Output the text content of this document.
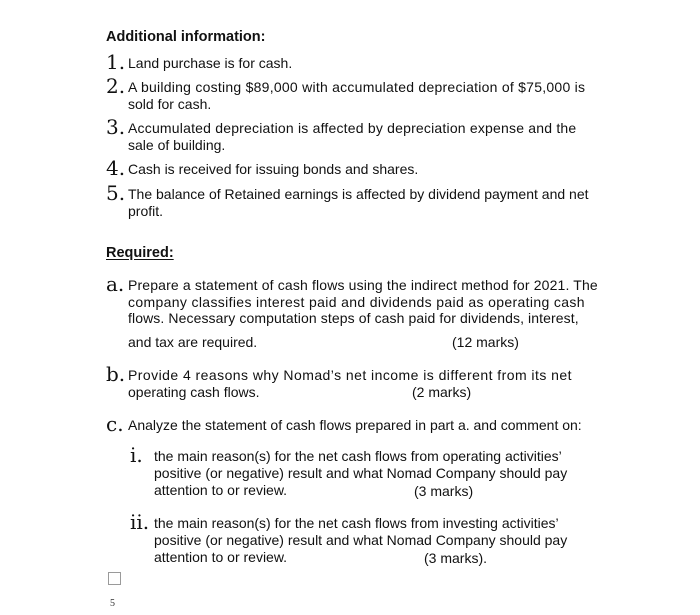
Additional information:
1. Land purchase is for cash.
2. A building costing $89,000 with accumulated depreciation of $75,000 is
sold for cash.
3. Accumulated depreciation is affected by depreciation expense and the
sale of building.
4. Cash is received for issuing bonds and shares.
5. The balance of Retained earnings is affected by dividend payment and net
profit.
Required:
a. Prepare a statement of cash flows using the indirect method for 2021. The
company classifies interest paid and dividends paid as operating cash
flows. Necessary computation steps of cash paid for dividends, interest,
and tax are required.	(12 marks)
b. Provide 4 reasons why Nomad’s net income is different from its net
operating cash flows.	(2 marks)
c. Analyze the statement of cash flows prepared in part a. and comment on:
i. the main reason(s) for the net cash flows from operating activities’
positive (or negative) result and what Nomad Company should pay
attention to or review.	(3 marks)
ii. the main reason(s) for the net cash flows from investing activities’
positive (or negative) result and what Nomad Company should pay
attention to or review.	(3 marks).
5
